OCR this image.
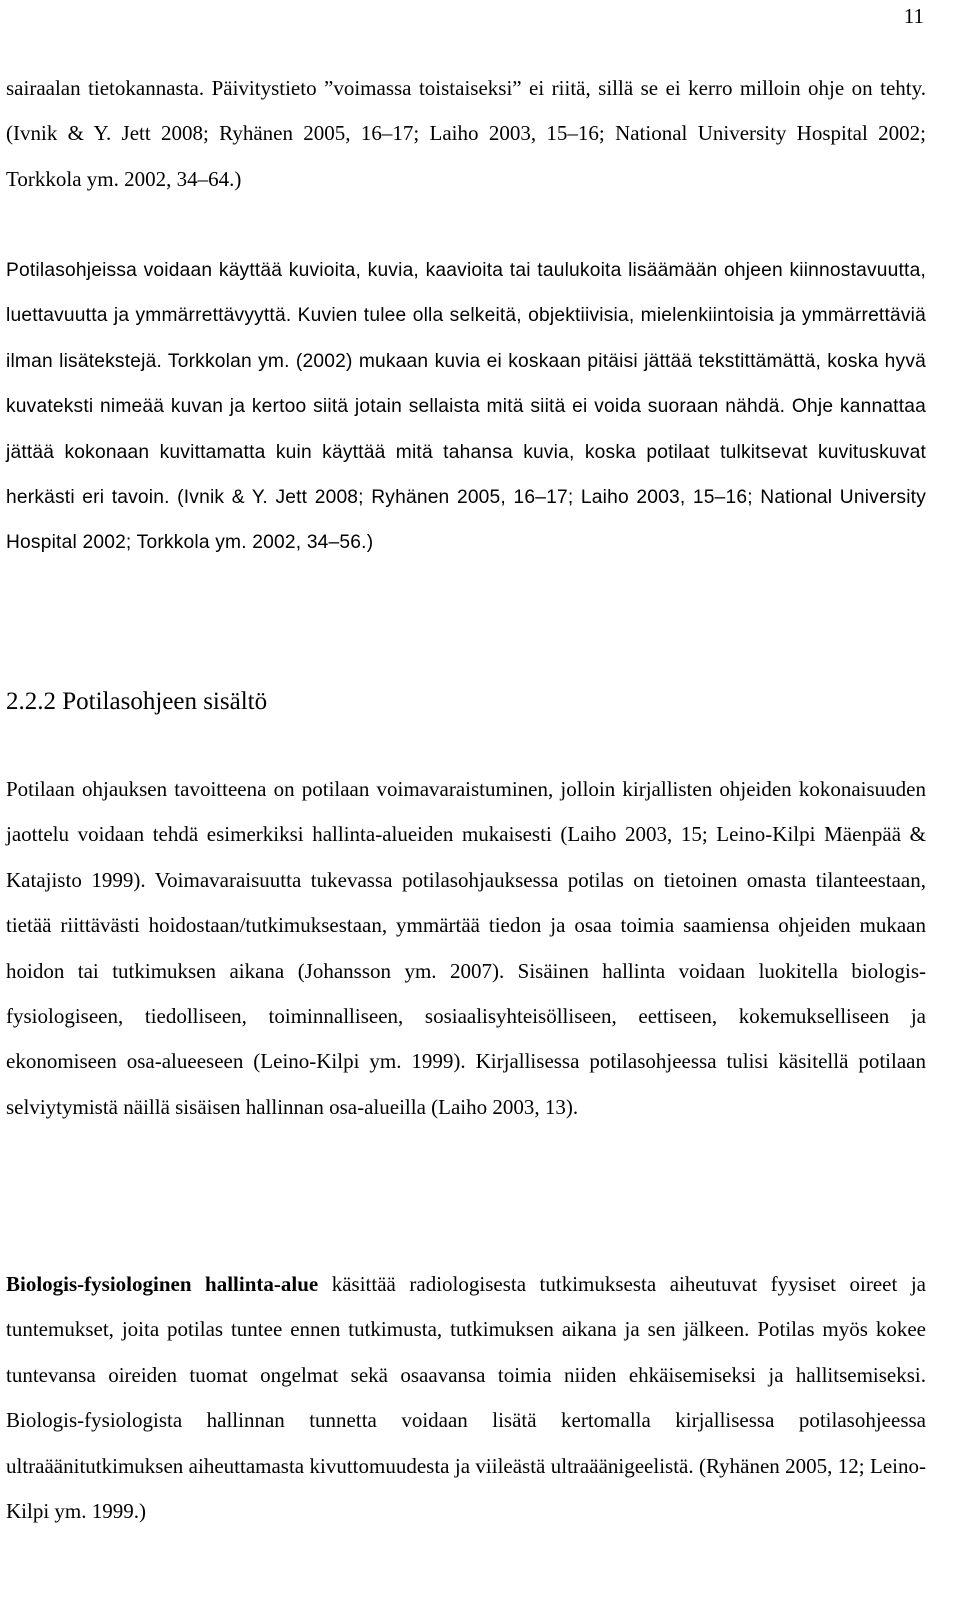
11

sairaalan tietokannasta. Päivitystieto ”voimassa toistaiseksi” ei riitä, sillä se ei kerro milloin ohje on tehty. (Ivnik & Y. Jett 2008; Ryhänen 2005, 16–17; Laiho 2003, 15–16; National University Hospital 2002; Torkkola ym. 2002, 34–64.)

Potilasohjeissa voidaan käyttää kuvioita, kuvia, kaavioita tai taulukoita lisäämään ohjeen kiinnostavuutta, luettavuutta ja ymmärrettävyyttä. Kuvien tulee olla selkeitä, objektiivisia, mielenkiintoisia ja ymmärrettäviä ilman lisätekstejä. Torkkolan ym. (2002) mukaan kuvia ei koskaan pitäisi jättää tekstittämättä, koska hyvä kuvateksti nimeää kuvan ja kertoo siitä jotain sellaista mitä siitä ei voida suoraan nähdä. Ohje kannattaa jättää kokonaan kuvittamatta kuin käyttää mitä tahansa kuvia, koska potilaat tulkitsevat kuvituskuvat herkästi eri tavoin. (Ivnik & Y. Jett 2008; Ryhänen 2005, 16–17; Laiho 2003, 15–16; National University Hospital 2002; Torkkola ym. 2002, 34–56.)

2.2.2 Potilasohjeen sisältö

Potilaan ohjauksen tavoitteena on potilaan voimavaraistuminen, jolloin kirjallisten ohjeiden kokonaisuuden jaottelu voidaan tehdä esimerkiksi hallinta-alueiden mukaisesti (Laiho 2003, 15; Leino-Kilpi Mäenpää & Katajisto 1999). Voimavaraisuutta tukevassa potilasohjauksessa potilas on tietoinen omasta tilanteestaan, tietää riittävästi hoidostaan/tutkimuksestaan, ymmärtää tiedon ja osaa toimia saamiensa ohjeiden mukaan hoidon tai tutkimuksen aikana (Johansson ym. 2007). Sisäinen hallinta voidaan luokitella biologis-fysiologiseen, tiedolliseen, toiminnalliseen, sosiaalisyhteisölliseen, eettiseen, kokemukselliseen ja ekonomiseen osa-alueeseen (Leino-Kilpi ym. 1999). Kirjallisessa potilasohjeessa tulisi käsitellä potilaan selviytymistä näillä sisäisen hallinnan osa-alueilla (Laiho 2003, 13).

Biologis-fysiologinen hallinta-alue käsittää radiologisesta tutkimuksesta aiheutuvat fyysiset oireet ja tuntemukset, joita potilas tuntee ennen tutkimusta, tutkimuksen aikana ja sen jälkeen. Potilas myös kokee tuntevansa oireiden tuomat ongelmat sekä osaavansa toimia niiden ehkäisemiseksi ja hallitsemiseksi. Biologis-fysiologista hallinnan tunnetta voidaan lisätä kertomalla kirjallisessa potilasohjeessa ultraäänitutkimuksen aiheuttamasta kivuttomuudesta ja viileästä ultraäänigeelistä. (Ryhänen 2005, 12; Leino-Kilpi ym. 1999.)
